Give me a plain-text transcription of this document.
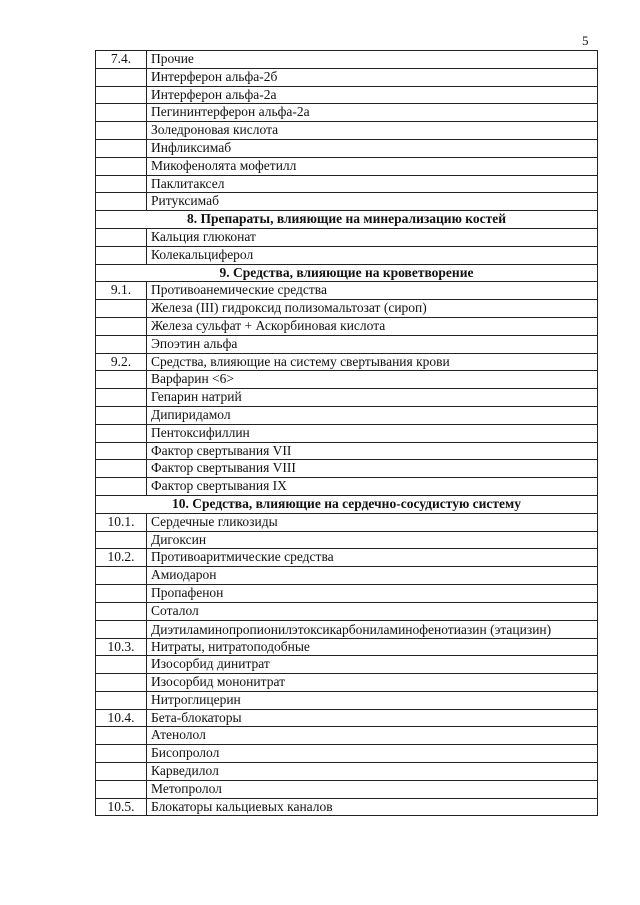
5
7.4.	Прочие
	Интерферон альфа-2б
	Интерферон альфа-2а
	Пегининтерферон альфа-2а
	Золедроновая кислота
	Инфликсимаб
	Микофенолята мофетилл
	Паклитаксел
	Ритуксимаб
8. Препараты, влияющие на минерализацию костей	
	Кальция глюконат
	Колекальциферол
9. Средства, влияющие на кроветворение	
9.1.	Противоанемические средства
	Железа (III) гидроксид полизомальтозат (сироп)
	Железа сульфат + Аскорбиновая кислота
	Эпоэтин альфа
9.2.	Средства, влияющие на систему свертывания крови
	Варфарин <6>
	Гепарин натрий
	Дипиридамол
	Пентоксифиллин
	Фактор свертывания VII
	Фактор свертывания VIII
	Фактор свертывания IX
10. Средства, влияющие на сердечно-сосудистую систему	
10.1.	Сердечные гликозиды
	Дигоксин
10.2.	Противоаритмические средства
	Амиодарон
	Пропафенон
	Соталол
	Диэтиламинопропионилэтоксикарбониламинофенотиазин (этацизин)
10.3.	Нитраты, нитратоподобные
	Изосорбид динитрат
	Изосорбид мононитрат
	Нитроглицерин
10.4.	Бета-блокаторы
	Атенолол
	Бисопролол
	Карведилол
	Метопролол
10.5.	Блокаторы кальциевых каналов
